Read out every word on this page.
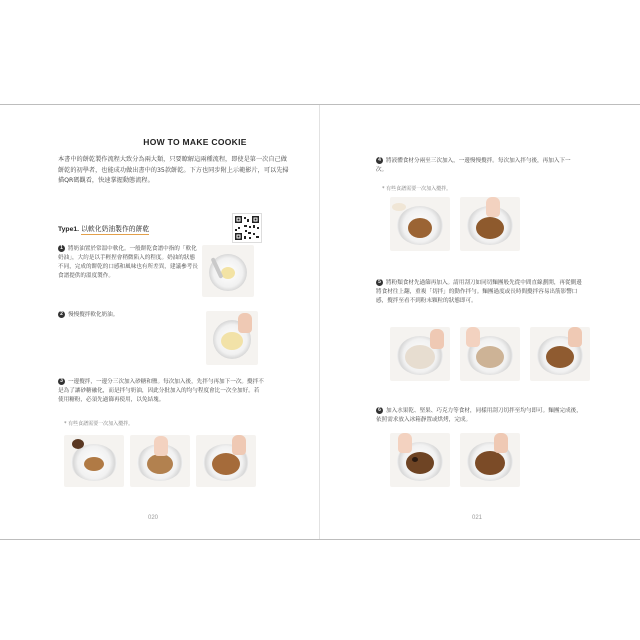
HOW TO MAKE COOKIE
本書中的餅乾製作流程大致分為兩大類，只要瞭解這兩種流程，即使是第一次自己做餅乾的初學者，也能成功做出書中的35款餅乾。下方也同步附上示範影片，可以先掃描QR碼觀看，快速掌握動態流程。
Type1. 以軟化奶油製作的餅乾
1 將奶油置於常溫中軟化。一般餅乾食譜中指的「軟化奶油」，大約是以手輕捏會稍微陷入的程度。奶油的狀態不同，完成的餅乾的口感和風味也有所差異，建議參考長食譜提供的溫度製作。
2 慢慢攪拌軟化奶油。
3 一邊攪拌，一邊分三次加入砂糖和鹽。每次加入後，先拌勻再加下一次。攪拌不是為了讓砂糖融化，而是拌勻奶油，因此分批加入的均勻程度會比一次全加好。若使用糖粉，必須先過篩再使用，以免結塊。
* 有些食譜需要一次加入攪拌。
020
4 將液體食材分兩至三次加入，一邊慢慢攪拌。每次加入拌勻後，再加入下一次。
* 有些食譜需要一次加入攪拌。
5 將粉類食材先過篩再加入。請用刮刀如同切麵團般先從中間直線劃開，再從側邊將食材往上翻，重複「切拌」的動作拌勻。麵團過度或長時間攪拌容易出筋影響口感，攪拌至看不到粉末顆粒的狀態即可。
6 加入水果乾、堅果、巧克力等食材，同樣用刮刀切拌至均勻即可。麵團完成後，依照需求放入冰箱靜置或烘烤，完成。
021
